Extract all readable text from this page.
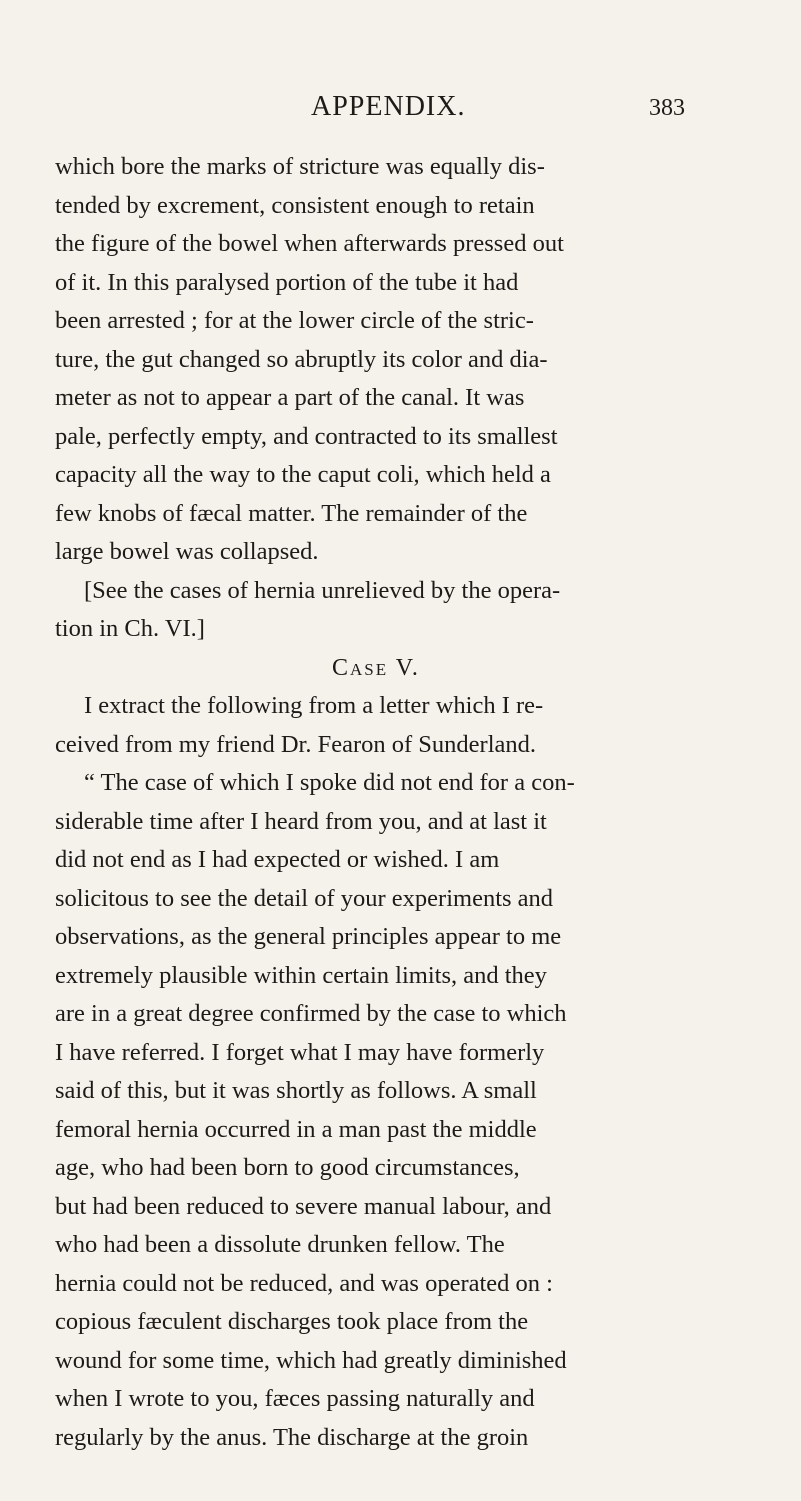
APPENDIX.	383
which bore the marks of stricture was equally dis-
tended by excrement, consistent enough to retain
the figure of the bowel when afterwards pressed out
of it. In this paralysed portion of the tube it had
been arrested ; for at the lower circle of the stric-
ture, the gut changed so abruptly its color and dia-
meter as not to appear a part of the canal. It was
pale, perfectly empty, and contracted to its smallest
capacity all the way to the caput coli, which held a
few knobs of fæcal matter. The remainder of the
large bowel was collapsed.
[See the cases of hernia unrelieved by the opera-
tion in Ch. VI.]
Case V.
I extract the following from a letter which I re-
ceived from my friend Dr. Fearon of Sunderland.
“ The case of which I spoke did not end for a con-
siderable time after I heard from you, and at last it
did not end as I had expected or wished. I am
solicitous to see the detail of your experiments and
observations, as the general principles appear to me
extremely plausible within certain limits, and they
are in a great degree confirmed by the case to which
I have referred. I forget what I may have formerly
said of this, but it was shortly as follows. A small
femoral hernia occurred in a man past the middle
age, who had been born to good circumstances,
but had been reduced to severe manual labour, and
who had been a dissolute drunken fellow. The
hernia could not be reduced, and was operated on :
copious fæculent discharges took place from the
wound for some time, which had greatly diminished
when I wrote to you, fæces passing naturally and
regularly by the anus. The discharge at the groin
